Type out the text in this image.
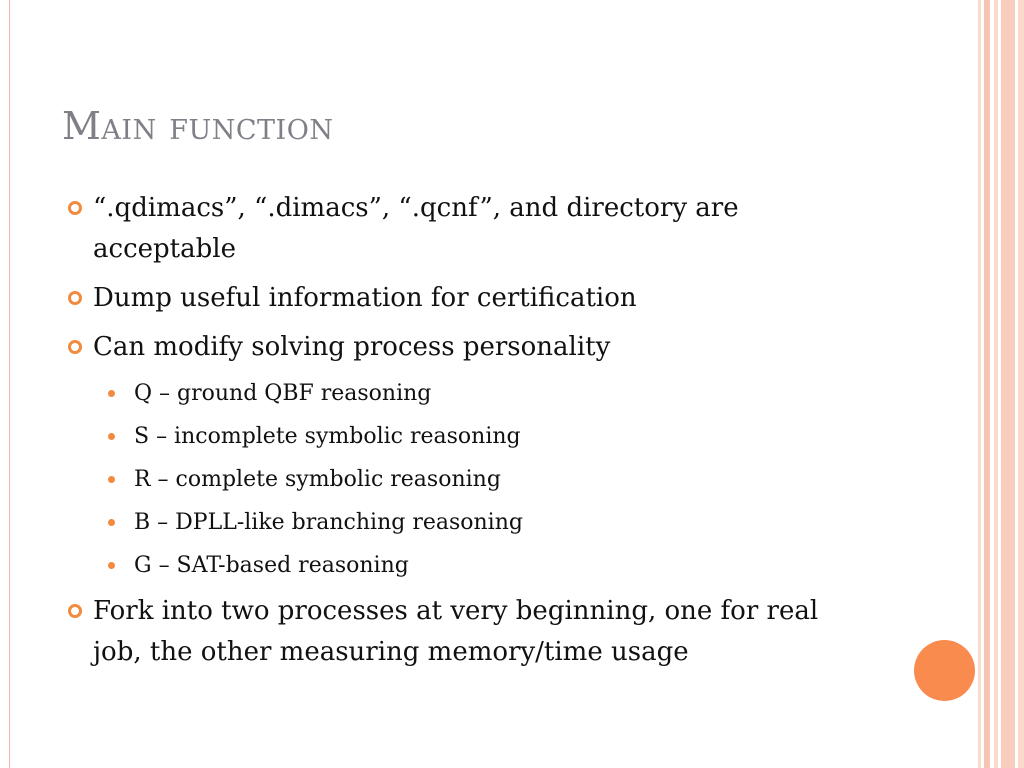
Main function
“.qdimacs”, “.dimacs”, “.qcnf”, and directory are acceptable
Dump useful information for certification
Can modify solving process personality
Q – ground QBF reasoning
S – incomplete symbolic reasoning
R – complete symbolic reasoning
B – DPLL-like branching reasoning
G – SAT-based reasoning
Fork into two processes at very beginning, one for real job, the other measuring memory/time usage
